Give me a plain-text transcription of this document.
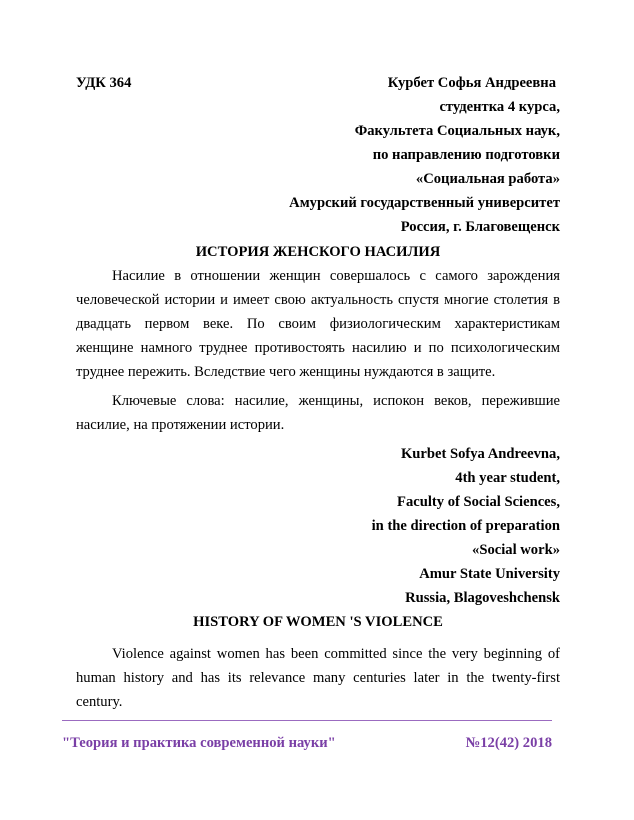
УДК 364	Курбет Софья Андреевна
студентка 4 курса,
Факультета Социальных наук,
по направлению подготовки
«Социальная работа»
Амурский государственный университет
Россия, г. Благовещенск
ИСТОРИЯ ЖЕНСКОГО НАСИЛИЯ

Насилие в отношении женщин совершалось с самого зарождения человеческой истории и имеет свою актуальность спустя многие столетия в двадцать первом веке. По своим физиологическим характеристикам женщине намного труднее противостоять насилию и по психологическим труднее пережить. Вследствие чего женщины нуждаются в защите.

Ключевые слова: насилие, женщины, испокон веков, пережившие насилие, на протяжении истории.

Kurbet Sofya Andreevna,
4th year student,
Faculty of Social Sciences,
in the direction of preparation
«Social work»
Amur State University
Russia, Blagoveshchensk
HISTORY OF WOMEN 'S VIOLENCE

Violence against women has been committed since the very beginning of human history and has its relevance many centuries later in the twenty-first century.

"Теория и практика современной науки"	№12(42) 2018
